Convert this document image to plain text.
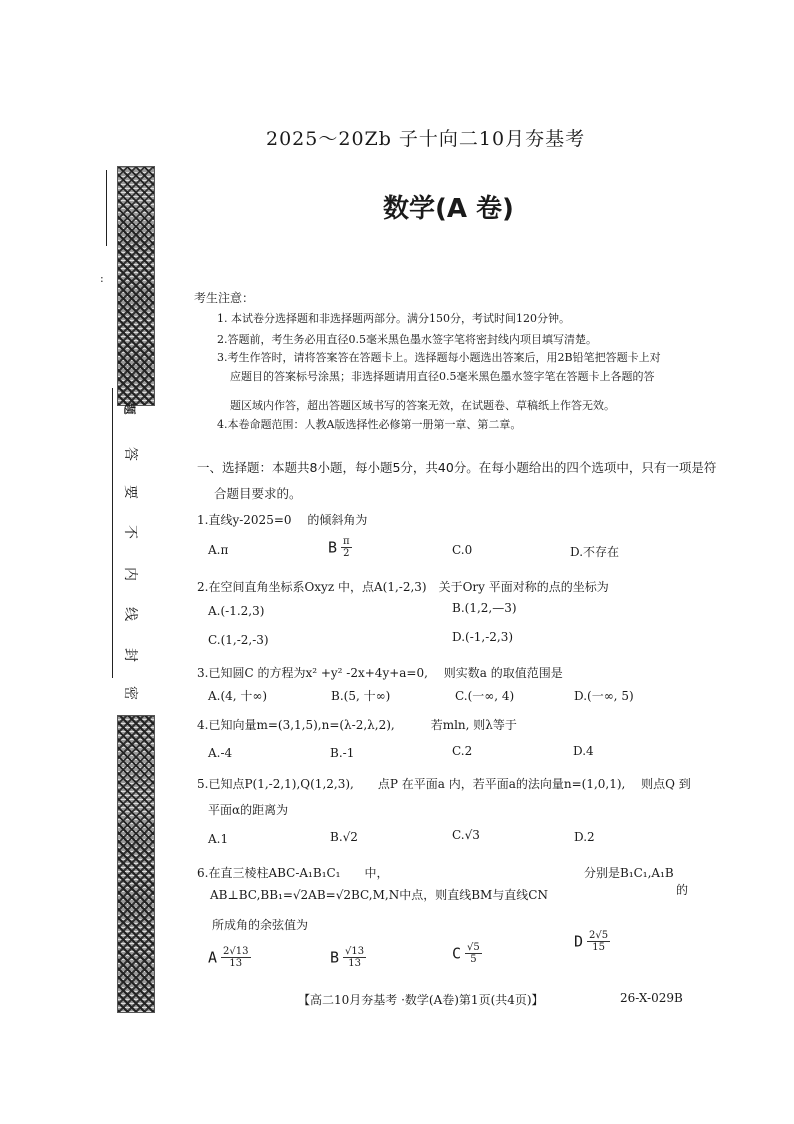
:
题
答
要
不
内
线
封
密
2025～20Zb 子十向二10月夯基考
数学(A 卷)
考生注意：
1. 本试卷分选择题和非选择题两部分。满分150分，考试时间120分钟。
2.答题前，考生务必用直径0.5毫米黑色墨水签字笔将密封线内项目填写清楚。
3.考生作答时，请将答案答在答题卡上。选择题每小题选出答案后，用2B铅笔把答题卡上对
应题目的答案标号涂黑；非选择题请用直径0.5毫米黑色墨水签字笔在答题卡上各题的答
题区域内作答，超出答题区域书写的答案无效，在试题卷、草稿纸上作答无效。
4.本卷命题范围：人教A版选择性必修第一册第一章、第二章。
一、选择题：本题共8小题，每小题5分，共40分。在每小题给出的四个选项中，只有一项是符
合题目要求的。
1.直线y-2025=0　 的倾斜角为
A.π	B $\frac{\pi}{2}$	C.0	D.不存在
2.在空间直角坐标系Oxyz 中，点A(1,-2,3)　关于Ory 平面对称的点的坐标为
A.(-1.2,3)	B.(1,2,—3)
C.(1,-2,-3)	D.(-1,-2,3)
3.已知圆C 的方程为x² +y² -2x+4y+a=0,　 则实数a 的取值范围是
A.(4, 十∞)	B.(5, 十∞)	C.(一∞, 4)	D.(一∞, 5)
4.已知向量m=(3,1,5),n=(λ-2,λ,2),　　　若mln, 则λ等于
A.-4	B.-1	C.2	D.4
5.已知点P(1,-2,1),Q(1,2,3),　　点P 在平面a 内，若平面a的法向量n=(1,0,1),　 则点Q 到
平面α的距离为
A.1	B.√2	C.√3	D.2
6.在直三棱柱ABC-A₁B₁C₁　　中，	分别是B₁C₁,A₁B
AB⊥BC,BB₁=√2AB=√2BC,M,N中点，则直线BM与直线CN	的
所成角的余弦值为
A $\frac{2√13}{13}$	B $\frac{√13}{13}$	C $\frac{√5}{5}$
D $\frac{2√5}{15}$
【高二10月夯基考 ·数学(A卷)第1页(共4页)】	26-X-029B
